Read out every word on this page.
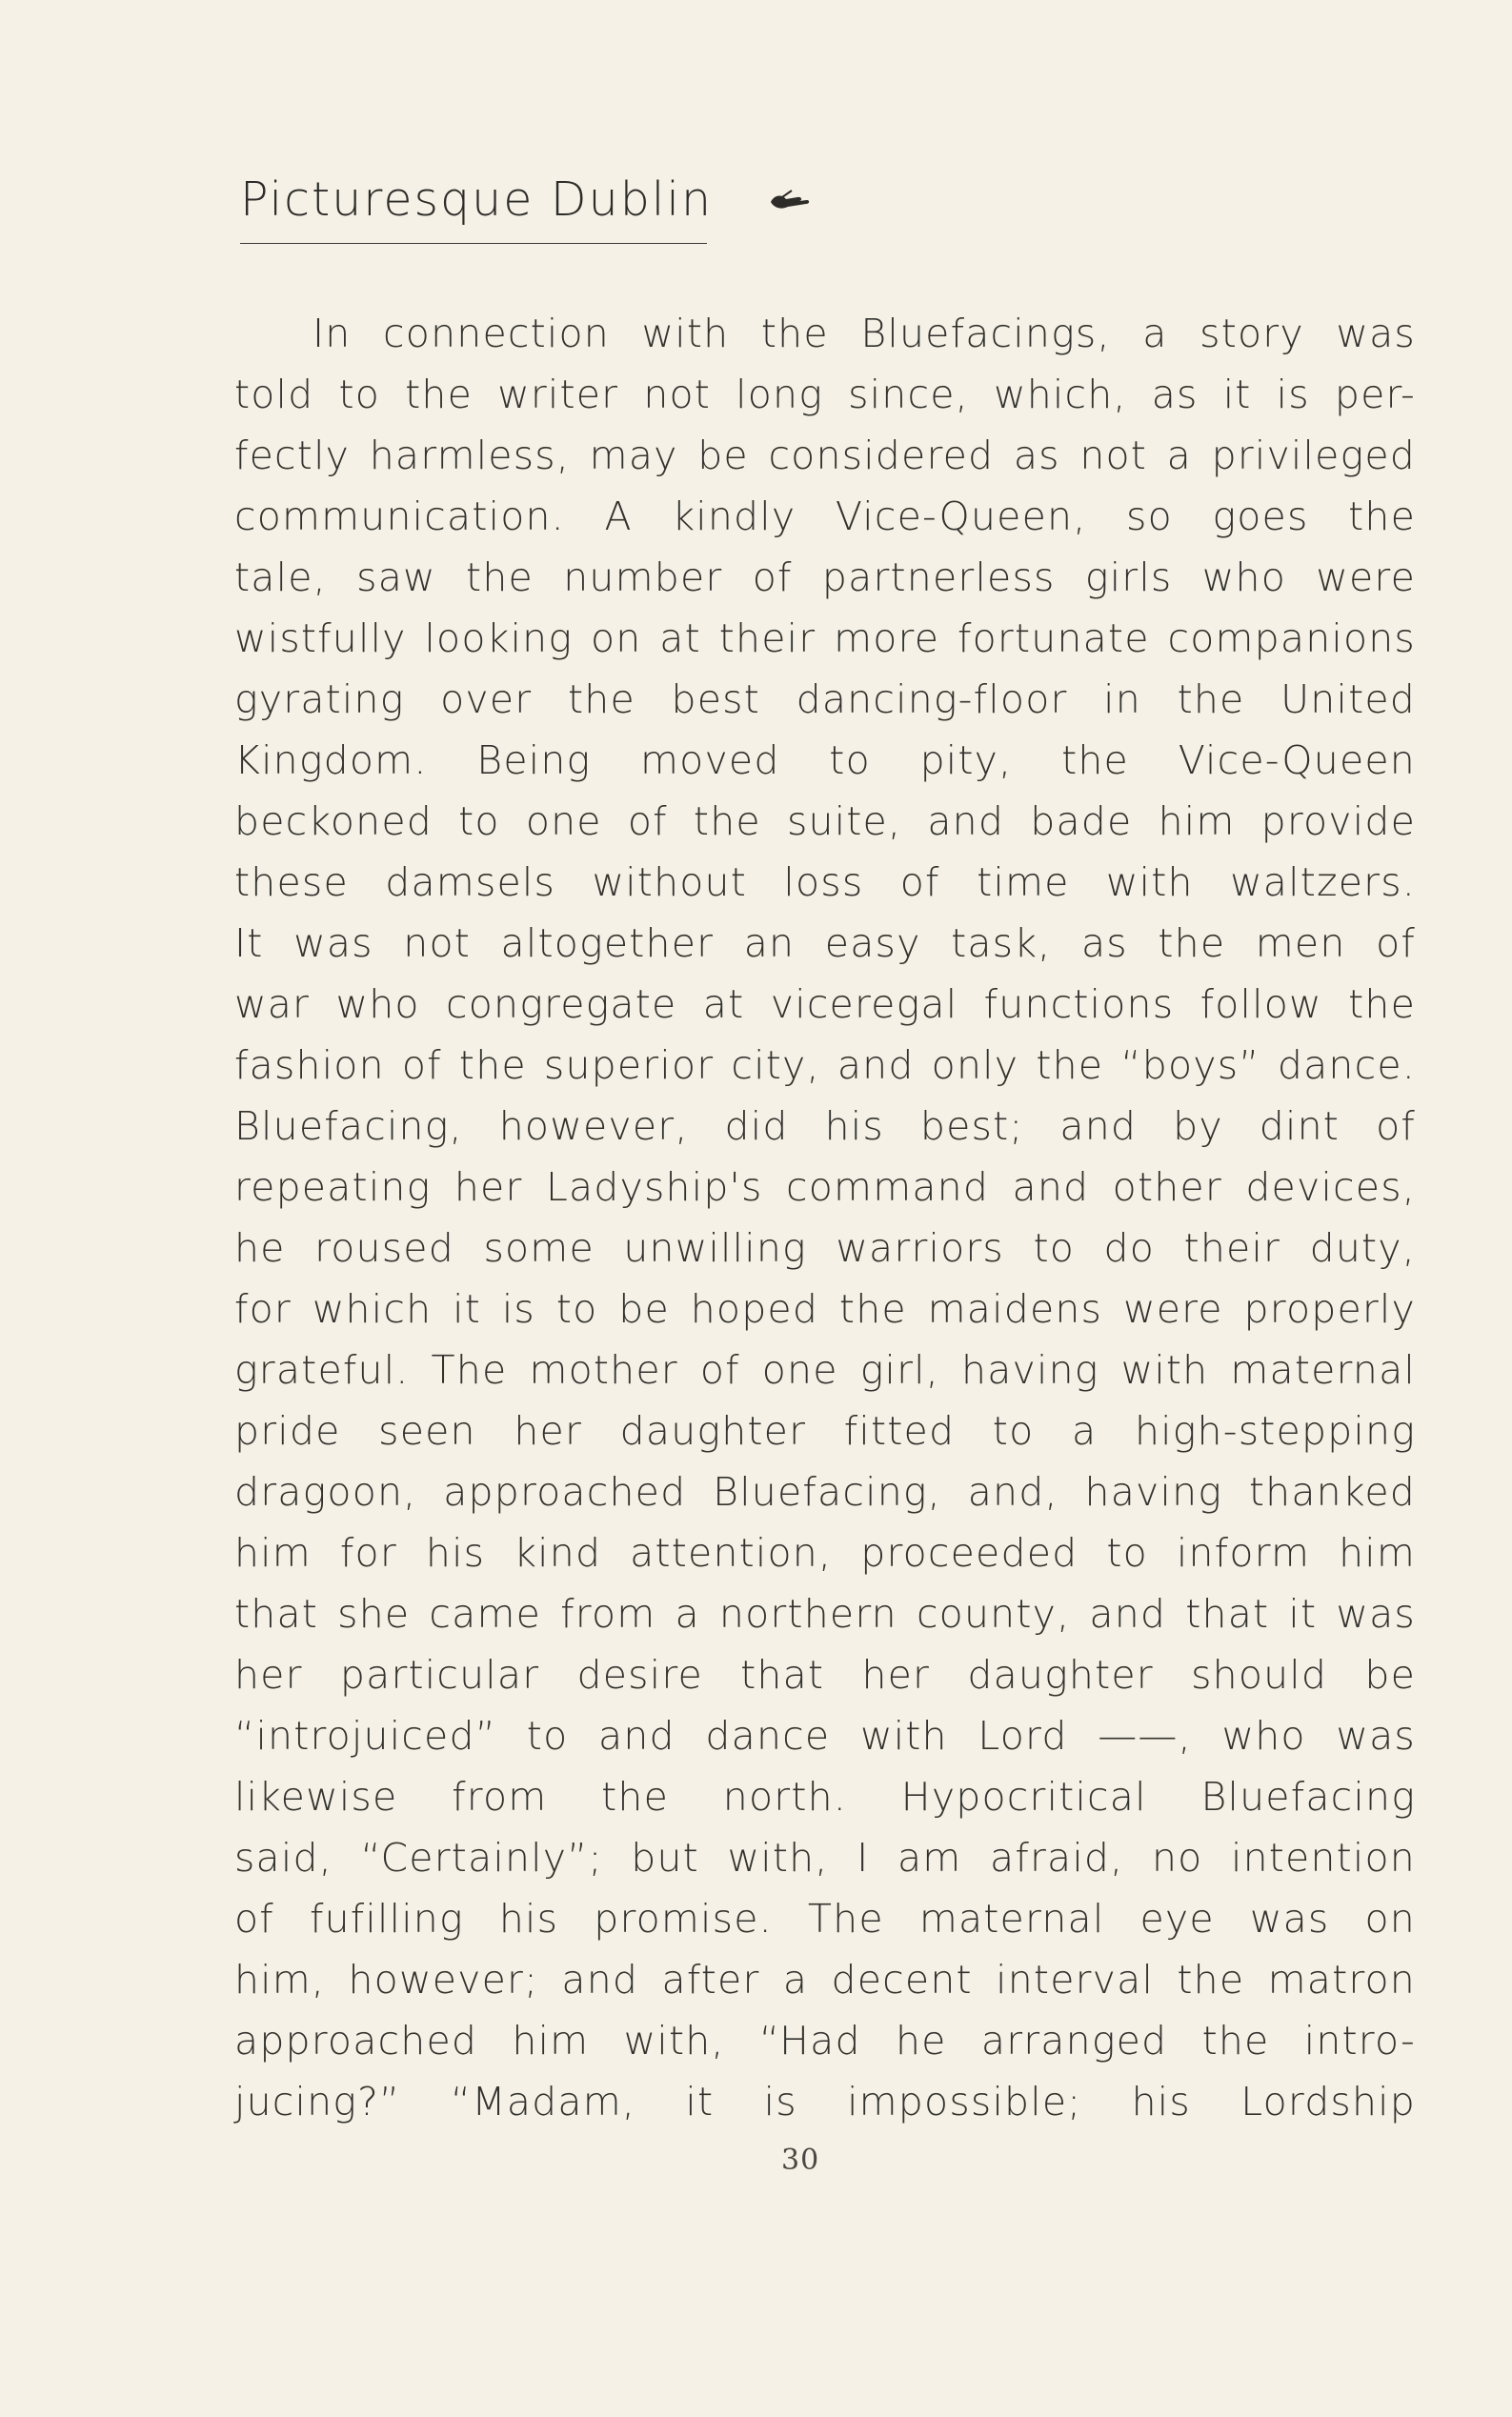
Picturesque Dublin
In connection with the Bluefacings, a story was
told to the writer not long since, which, as it is per-
fectly harmless, may be considered as not a privileged
communication. A kindly Vice-Queen, so goes the
tale, saw the number of partnerless girls who were
wistfully looking on at their more fortunate companions
gyrating over the best dancing-floor in the United
Kingdom. Being moved to pity, the Vice-Queen
beckoned to one of the suite, and bade him provide
these damsels without loss of time with waltzers.
It was not altogether an easy task, as the men of
war who congregate at viceregal functions follow the
fashion of the superior city, and only the “boys” dance.
Bluefacing, however, did his best; and by dint of
repeating her Ladyship's command and other devices,
he roused some unwilling warriors to do their duty,
for which it is to be hoped the maidens were properly
grateful. The mother of one girl, having with maternal
pride seen her daughter fitted to a high-stepping
dragoon, approached Bluefacing, and, having thanked
him for his kind attention, proceeded to inform him
that she came from a northern county, and that it was
her particular desire that her daughter should be
“introjuiced” to and dance with Lord ——, who was
likewise from the north. Hypocritical Bluefacing
said, “Certainly”; but with, I am afraid, no intention
of fufilling his promise. The maternal eye was on
him, however; and after a decent interval the matron
approached him with, “Had he arranged the intro-
jucing?” “Madam, it is impossible; his Lordship
30
